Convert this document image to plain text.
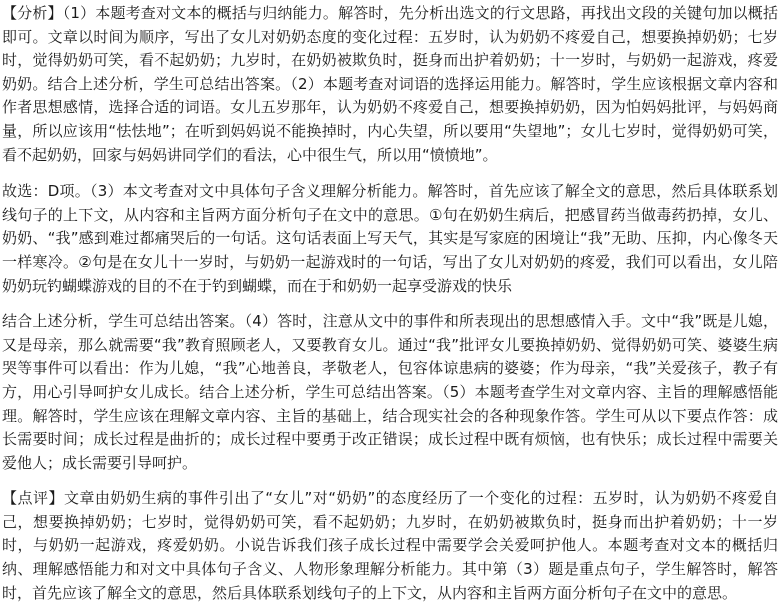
【分析】（1）本题考查对文本的概括与归纳能力。解答时，先分析出选文的行文思路，再找出文段的关键句加以概括即可。文章以时间为顺序，写出了女儿对奶奶态度的变化过程：五岁时，认为奶奶不疼爱自己，想要换掉奶奶；七岁时，觉得奶奶可笑，看不起奶奶；九岁时，在奶奶被欺负时，挺身而出护着奶奶；十一岁时，与奶奶一起游戏，疼爱奶奶。结合上述分析，学生可总结出答案。（2）本题考查对词语的选择运用能力。解答时，学生应该根据文章内容和作者思想感情，选择合适的词语。女儿五岁那年，认为奶奶不疼爱自己，想要换掉奶奶，因为怕妈妈批评，与妈妈商量，所以应该用“怯怯地”；在听到妈妈说不能换掉时，内心失望，所以要用“失望地”；女儿七岁时，觉得奶奶可笑，看不起奶奶，回家与妈妈讲同学们的看法，心中很生气，所以用“愤愤地”。

故选：D项。（3）本文考查对文中具体句子含义理解分析能力。解答时，首先应该了解全文的意思，然后具体联系划线句子的上下文，从内容和主旨两方面分析句子在文中的意思。①句在奶奶生病后，把感冒药当做毒药扔掉，女儿、奶奶、“我”感到难过都痛哭后的一句话。这句话表面上写天气，其实是写家庭的困境让“我”无助、压抑，内心像冬天一样寒冷。②句是在女儿十一岁时，与奶奶一起游戏时的一句话，写出了女儿对奶奶的疼爱，我们可以看出，女儿陪奶奶玩钓蝴蝶游戏的目的不在于钓到蝴蝶，而在于和奶奶一起享受游戏的快乐

结合上述分析，学生可总结出答案。（4）答时，注意从文中的事件和所表现出的思想感情入手。文中“我”既是儿媳，又是母亲，那么就需要“我”教育照顾老人，又要教育女儿。通过“我”批评女儿要换掉奶奶、觉得奶奶可笑、婆婆生病哭等事件可以看出：作为儿媳，“我”心地善良，孝敬老人，包容体谅患病的婆婆；作为母亲，“我”关爱孩子，教子有方，用心引导呵护女儿成长。结合上述分析，学生可总结出答案。（5）本题考查学生对文章内容、主旨的理解感悟能理。解答时，学生应该在理解文章内容、主旨的基础上，结合现实社会的各种现象作答。学生可从以下要点作答：成长需要时间；成长过程是曲折的；成长过程中要勇于改正错误；成长过程中既有烦恼，也有快乐；成长过程中需要关爱他人；成长需要引导呵护。

【点评】文章由奶奶生病的事件引出了“女儿”对“奶奶”的态度经历了一个变化的过程：五岁时，认为奶奶不疼爱自己，想要换掉奶奶；七岁时，觉得奶奶可笑，看不起奶奶；九岁时，在奶奶被欺负时，挺身而出护着奶奶；十一岁时，与奶奶一起游戏，疼爱奶奶。小说告诉我们孩子成长过程中需要学会关爱呵护他人。本题考查对文本的概括归纳、理解感悟能力和对文中具体句子含义、人物形象理解分析能力。其中第（3）题是重点句子，学生解答时，解答时，首先应该了解全文的意思，然后具体联系划线句子的上下文，从内容和主旨两方面分析句子在文中的意思。
